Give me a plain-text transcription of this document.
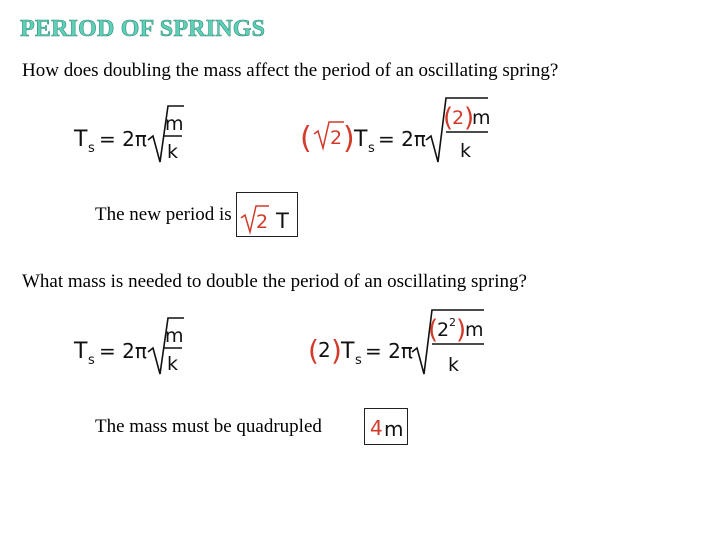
PERIOD OF SPRINGS
How does doubling the mass affect the period of an oscillating spring?
T s = 2π
m
k	( 2 ) T s = 2π
(
2 )
m
k
The new period is 2 T
What mass is needed to double the period of an oscillating spring?
T s = 2π
m
k	( 2 ) T s = 2π
(
2 2 )
m
k
The mass must be quadrupled 4 m
